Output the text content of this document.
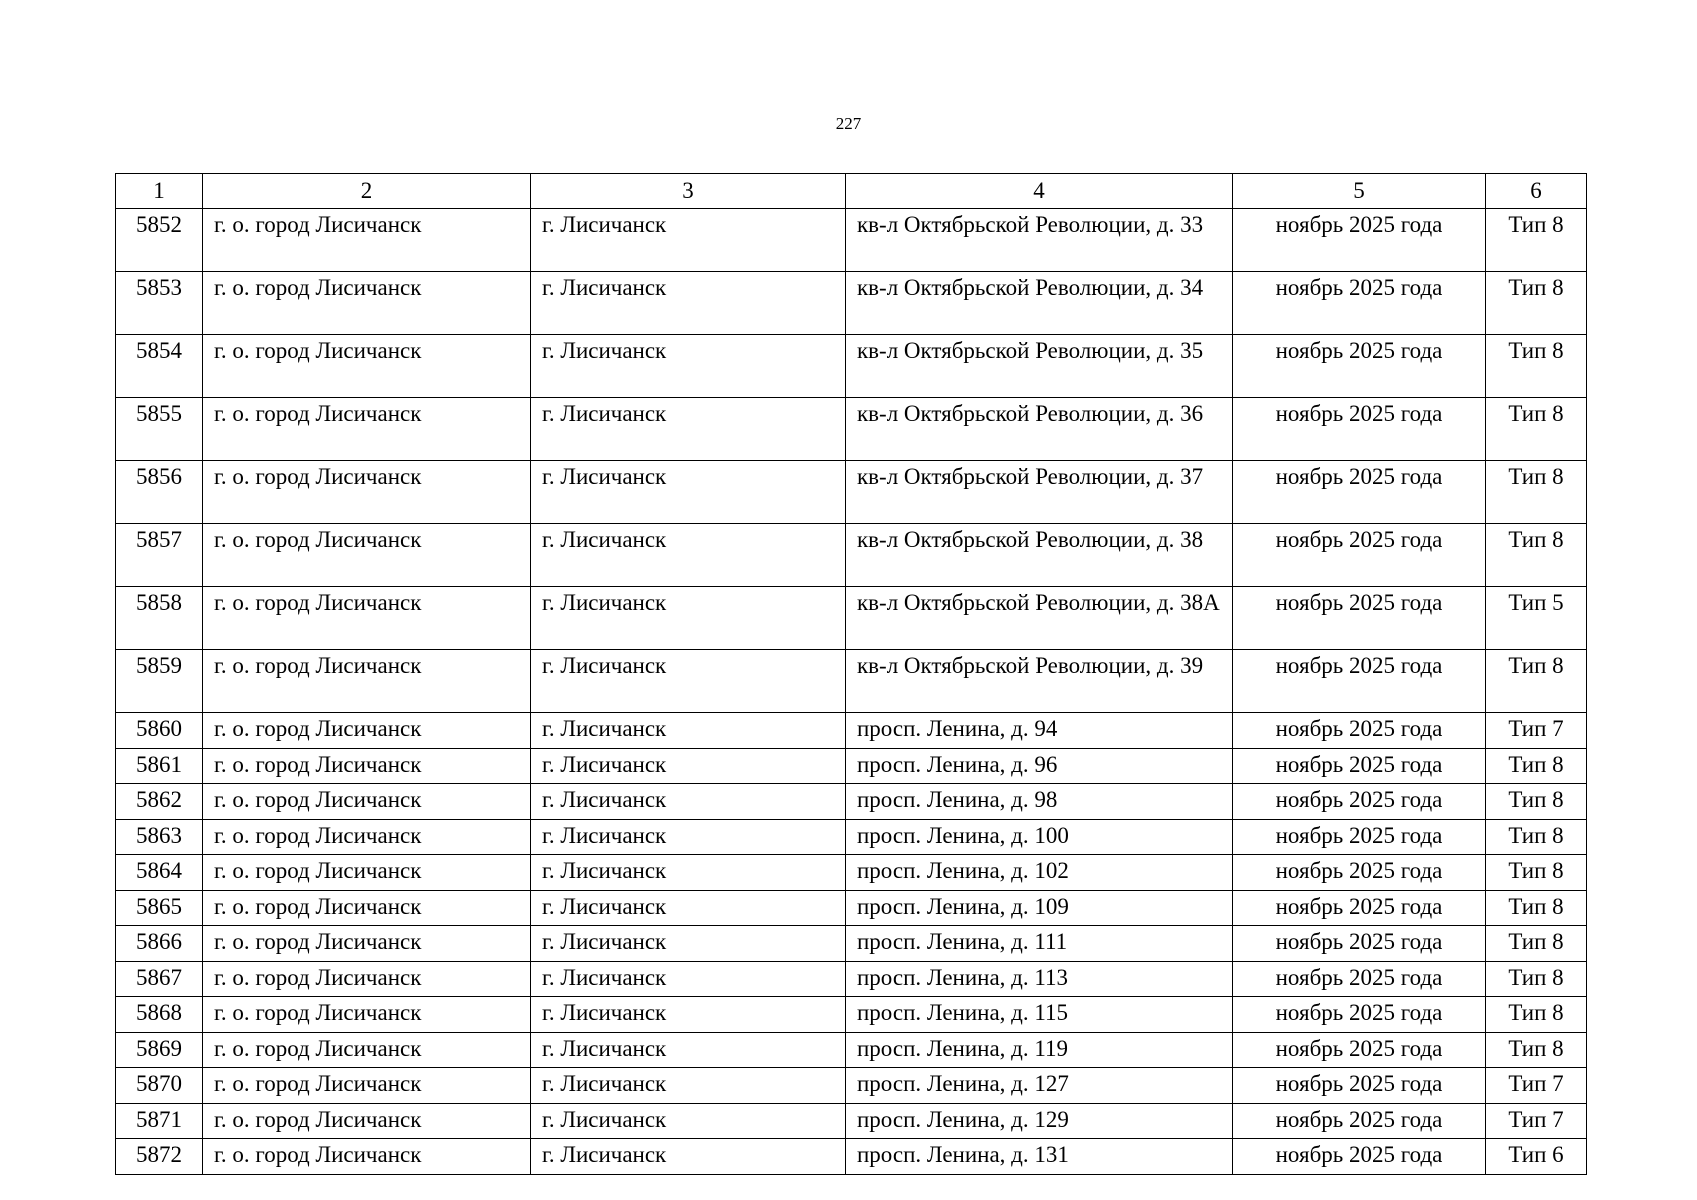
227
1	2	3	4	5	6
5852	г. о. город Лисичанск	г. Лисичанск	кв-л Октябрьской Революции, д. 33	ноябрь 2025 года	Тип 8
5853	г. о. город Лисичанск	г. Лисичанск	кв-л Октябрьской Революции, д. 34	ноябрь 2025 года	Тип 8
5854	г. о. город Лисичанск	г. Лисичанск	кв-л Октябрьской Революции, д. 35	ноябрь 2025 года	Тип 8
5855	г. о. город Лисичанск	г. Лисичанск	кв-л Октябрьской Революции, д. 36	ноябрь 2025 года	Тип 8
5856	г. о. город Лисичанск	г. Лисичанск	кв-л Октябрьской Революции, д. 37	ноябрь 2025 года	Тип 8
5857	г. о. город Лисичанск	г. Лисичанск	кв-л Октябрьской Революции, д. 38	ноябрь 2025 года	Тип 8
5858	г. о. город Лисичанск	г. Лисичанск	кв-л Октябрьской Революции, д. 38А	ноябрь 2025 года	Тип 5
5859	г. о. город Лисичанск	г. Лисичанск	кв-л Октябрьской Революции, д. 39	ноябрь 2025 года	Тип 8
5860	г. о. город Лисичанск	г. Лисичанск	просп. Ленина, д. 94	ноябрь 2025 года	Тип 7
5861	г. о. город Лисичанск	г. Лисичанск	просп. Ленина, д. 96	ноябрь 2025 года	Тип 8
5862	г. о. город Лисичанск	г. Лисичанск	просп. Ленина, д. 98	ноябрь 2025 года	Тип 8
5863	г. о. город Лисичанск	г. Лисичанск	просп. Ленина, д. 100	ноябрь 2025 года	Тип 8
5864	г. о. город Лисичанск	г. Лисичанск	просп. Ленина, д. 102	ноябрь 2025 года	Тип 8
5865	г. о. город Лисичанск	г. Лисичанск	просп. Ленина, д. 109	ноябрь 2025 года	Тип 8
5866	г. о. город Лисичанск	г. Лисичанск	просп. Ленина, д. 111	ноябрь 2025 года	Тип 8
5867	г. о. город Лисичанск	г. Лисичанск	просп. Ленина, д. 113	ноябрь 2025 года	Тип 8
5868	г. о. город Лисичанск	г. Лисичанск	просп. Ленина, д. 115	ноябрь 2025 года	Тип 8
5869	г. о. город Лисичанск	г. Лисичанск	просп. Ленина, д. 119	ноябрь 2025 года	Тип 8
5870	г. о. город Лисичанск	г. Лисичанск	просп. Ленина, д. 127	ноябрь 2025 года	Тип 7
5871	г. о. город Лисичанск	г. Лисичанск	просп. Ленина, д. 129	ноябрь 2025 года	Тип 7
5872	г. о. город Лисичанск	г. Лисичанск	просп. Ленина, д. 131	ноябрь 2025 года	Тип 6
